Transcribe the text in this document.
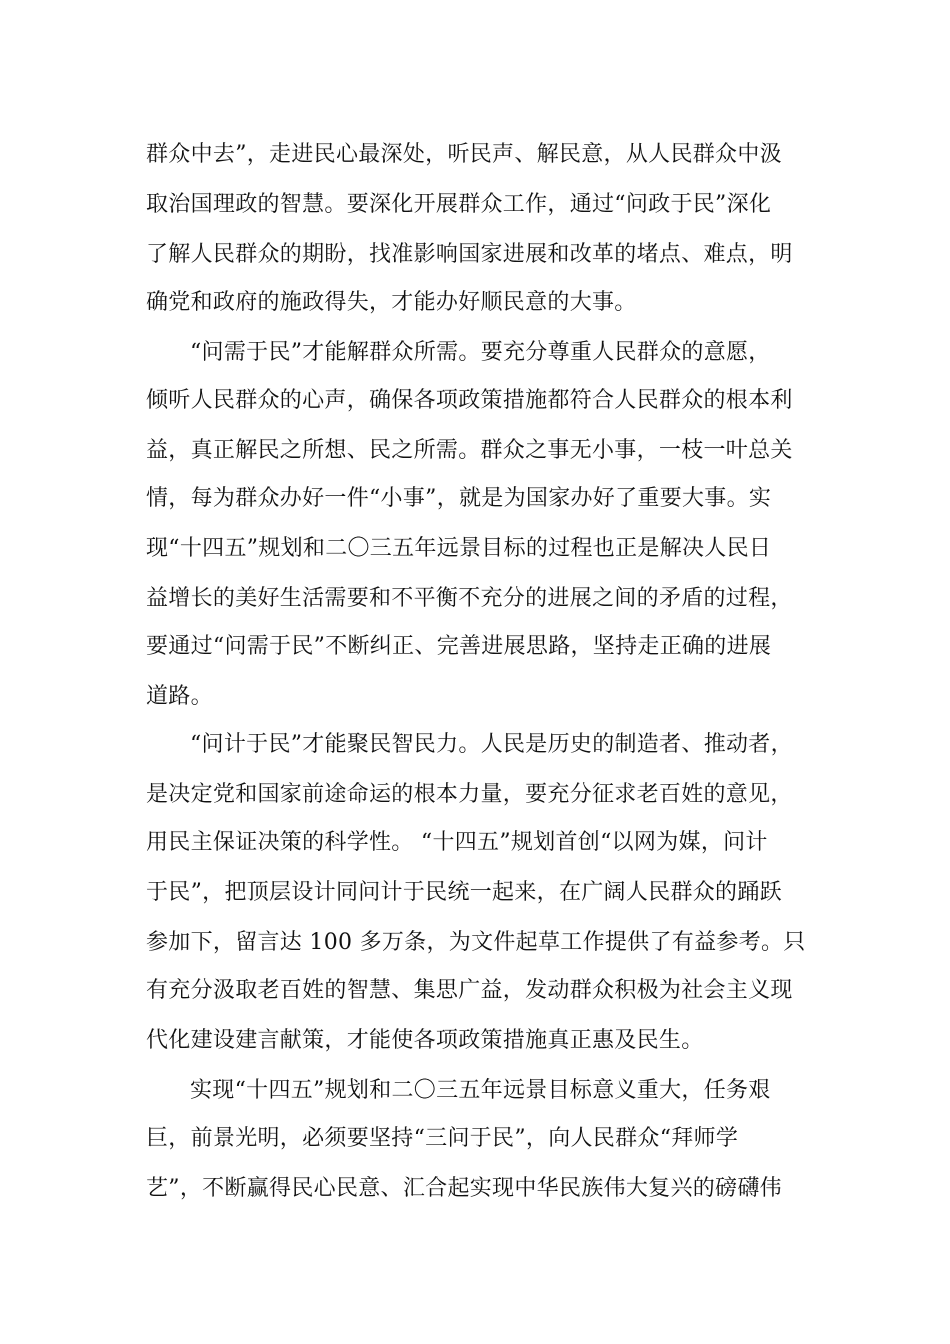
群众中去”，走进民心最深处，听民声、解民意，从人民群众中汲
取治国理政的智慧。要深化开展群众工作，通过“问政于民”深化
了解人民群众的期盼，找准影响国家进展和改革的堵点、难点，明
确党和政府的施政得失，才能办好顺民意的大事。
“问需于民”才能解群众所需。要充分尊重人民群众的意愿，
倾听人民群众的心声，确保各项政策措施都符合人民群众的根本利
益，真正解民之所想、民之所需。群众之事无小事，一枝一叶总关
情，每为群众办好一件“小事”，就是为国家办好了重要大事。实
现“十四五”规划和二〇三五年远景目标的过程也正是解决人民日
益增长的美好生活需要和不平衡不充分的进展之间的矛盾的过程，
要通过“问需于民”不断纠正、完善进展思路，坚持走正确的进展
道路。
“问计于民”才能聚民智民力。人民是历史的制造者、推动者，
是决定党和国家前途命运的根本力量，要充分征求老百姓的意见，
用民主保证决策的科学性。 “十四五”规划首创“以网为媒，问计
于民”，把顶层设计同问计于民统一起来，在广阔人民群众的踊跃
参加下，留言达 100 多万条，为文件起草工作提供了有益参考。只
有充分汲取老百姓的智慧、集思广益，发动群众积极为社会主义现
代化建设建言献策，才能使各项政策措施真正惠及民生。
实现“十四五”规划和二〇三五年远景目标意义重大，任务艰
巨，前景光明，必须要坚持“三问于民”，向人民群众“拜师学
艺”，不断赢得民心民意、汇合起实现中华民族伟大复兴的磅礴伟
